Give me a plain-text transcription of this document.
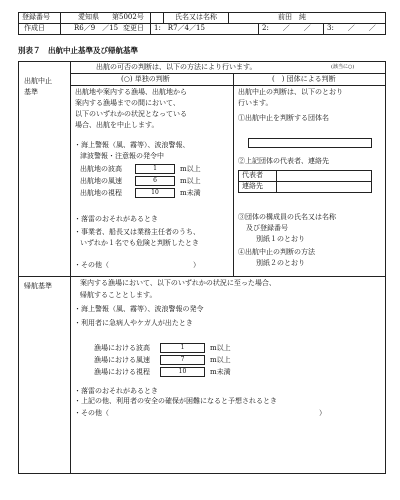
登録番号	愛知県 第5002号	氏名又は名称	前田　純
作成日	R6／9　／15 変更日 1:　R7／4／15	2:　　／　　／ 3:　　／　　／
別表７　出航中止基準及び帰航基準
出航中止
基準
出航の可否の判断は、以下の方法により行います。	(該当に○)
(○) 単独の判断	(　) 団体による判断
出航地や案内する漁場、出航地から
案内する漁場までの間において、
以下のいずれかの状況となっている
場合、出航を中止します。
・海上警報（風、霧等）、波浪警報、
津波警報・注意報の発令中
出航地の波高	1	m以上
出航地の風速	6	m以上
出航地の視程	10	m未満
・落雷のおそれがあるとき
・事業者、船長又は業務主任者のうち、
いずれか１名でも危険と判断したとき
・その他（　　　　　　　　　　　　）
出航中止の判断は、以下のとおり
行います。
①出航中止を判断する団体名
②上記団体の代表者、連絡先
代表者
連絡先
③団体の構成員の氏名又は名称
及び登録番号
別紙１のとおり
④出航中止の判断の方法
別紙２のとおり
帰航基準	案内する漁場において、以下のいずれかの状況に至った場合、
帰航することとします。
・海上警報（風、霧等）、波浪警報の発令
・利用者に急病人やケガ人が出たとき
漁場における波高	1	m以上
漁場における風速	7	m以上
漁場における視程	10	m未満
・落雷のおそれがあるとき
・上記の他、利用者の安全の確保が困難になると予想されるとき
・その他（　　　　　　　　　　　　　　　　　　　　　　　　　　　　　　）
